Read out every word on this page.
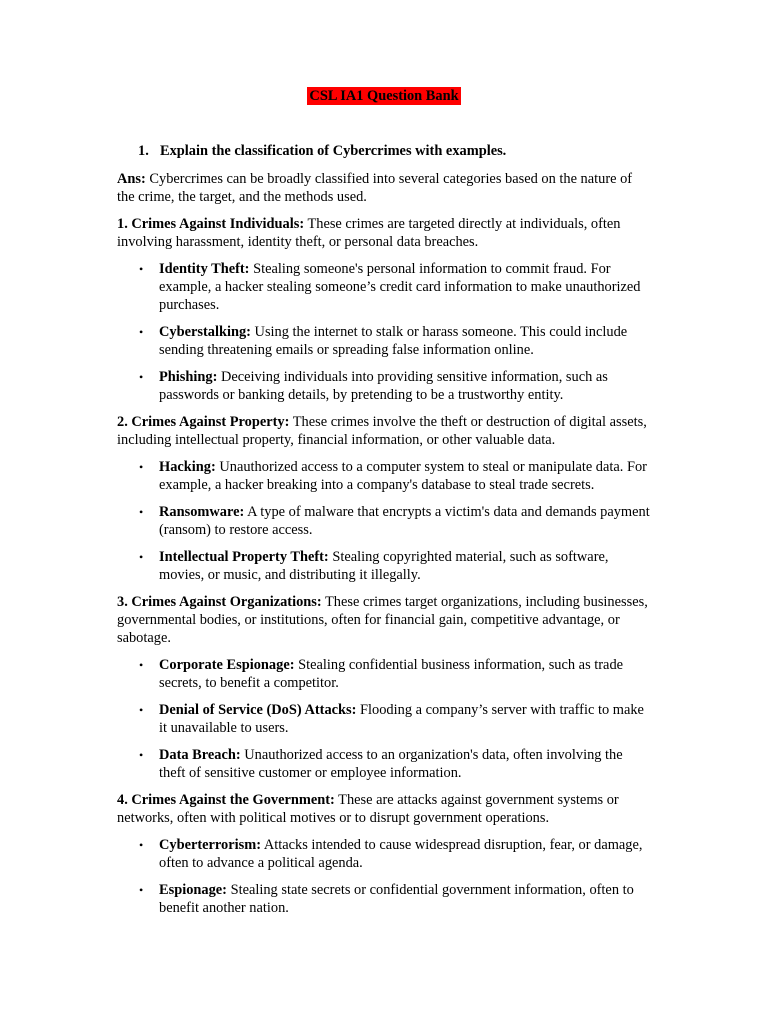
CSL IA1 Question Bank
1. Explain the classification of Cybercrimes with examples.

Ans: Cybercrimes can be broadly classified into several categories based on the nature of the crime, the target, and the methods used.

1. Crimes Against Individuals: These crimes are targeted directly at individuals, often involving harassment, identity theft, or personal data breaches.

• Identity Theft: Stealing someone's personal information to commit fraud. For example, a hacker stealing someone’s credit card information to make unauthorized purchases.
• Cyberstalking: Using the internet to stalk or harass someone. This could include sending threatening emails or spreading false information online.
• Phishing: Deceiving individuals into providing sensitive information, such as passwords or banking details, by pretending to be a trustworthy entity.

2. Crimes Against Property: These crimes involve the theft or destruction of digital assets, including intellectual property, financial information, or other valuable data.

• Hacking: Unauthorized access to a computer system to steal or manipulate data. For example, a hacker breaking into a company's database to steal trade secrets.
• Ransomware: A type of malware that encrypts a victim's data and demands payment (ransom) to restore access.
• Intellectual Property Theft: Stealing copyrighted material, such as software, movies, or music, and distributing it illegally.

3. Crimes Against Organizations: These crimes target organizations, including businesses, governmental bodies, or institutions, often for financial gain, competitive advantage, or sabotage.

• Corporate Espionage: Stealing confidential business information, such as trade secrets, to benefit a competitor.
• Denial of Service (DoS) Attacks: Flooding a company’s server with traffic to make it unavailable to users.
• Data Breach: Unauthorized access to an organization's data, often involving the theft of sensitive customer or employee information.

4. Crimes Against the Government: These are attacks against government systems or networks, often with political motives or to disrupt government operations.

• Cyberterrorism: Attacks intended to cause widespread disruption, fear, or damage, often to advance a political agenda.
• Espionage: Stealing state secrets or confidential government information, often to benefit another nation.
